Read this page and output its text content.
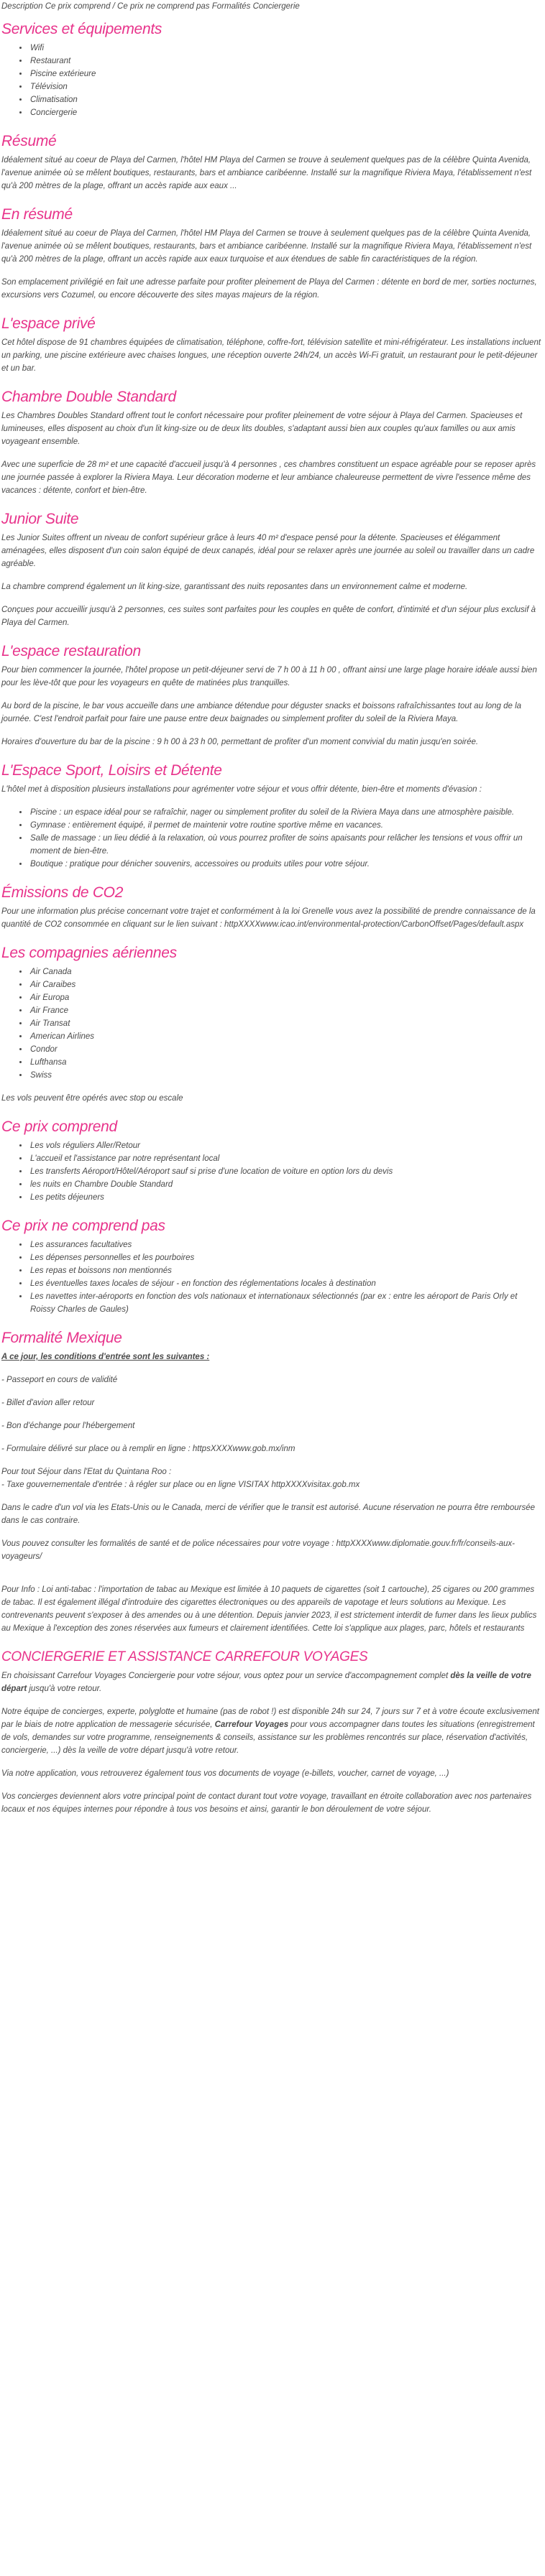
Description Ce prix comprend / Ce prix ne comprend pas Formalités Conciergerie

Services et équipements
• Wifi
• Restaurant
• Piscine extérieure
• Télévision
• Climatisation
• Conciergerie
Résumé

Idéalement situé au coeur de Playa del Carmen, l'hôtel HM Playa del Carmen se trouve à seulement quelques pas de la célèbre Quinta Avenida, l'avenue animée où se mêlent boutiques, restaurants, bars et ambiance caribéenne. Installé sur la magnifique Riviera Maya, l'établissement n'est qu'à 200 mètres de la plage, offrant un accès rapide aux eaux ...

En résumé

Idéalement situé au coeur de Playa del Carmen, l'hôtel HM Playa del Carmen se trouve à seulement quelques pas de la célèbre Quinta Avenida, l'avenue animée où se mêlent boutiques, restaurants, bars et ambiance caribéenne. Installé sur la magnifique Riviera Maya, l'établissement n'est qu'à 200 mètres de la plage, offrant un accès rapide aux eaux turquoise et aux étendues de sable fin caractéristiques de la région.

Son emplacement privilégié en fait une adresse parfaite pour profiter pleinement de Playa del Carmen : détente en bord de mer, sorties nocturnes, excursions vers Cozumel, ou encore découverte des sites mayas majeurs de la région.

L'espace privé

Cet hôtel dispose de 91 chambres équipées de climatisation, téléphone, coffre-fort, télévision satellite et mini-réfrigérateur. Les installations incluent un parking, une piscine extérieure avec chaises longues, une réception ouverte 24h/24, un accès Wi-Fi gratuit, un restaurant pour le petit-déjeuner et un bar.

Chambre Double Standard

Les Chambres Doubles Standard offrent tout le confort nécessaire pour profiter pleinement de votre séjour à Playa del Carmen. Spacieuses et lumineuses, elles disposent au choix d'un lit king-size ou de deux lits doubles, s'adaptant aussi bien aux couples qu'aux familles ou aux amis voyageant ensemble.

Avec une superficie de 28 m² et une capacité d'accueil jusqu'à 4 personnes , ces chambres constituent un espace agréable pour se reposer après une journée passée à explorer la Riviera Maya. Leur décoration moderne et leur ambiance chaleureuse permettent de vivre l'essence même des vacances : détente, confort et bien-être.

Junior Suite

Les Junior Suites offrent un niveau de confort supérieur grâce à leurs 40 m² d'espace pensé pour la détente. Spacieuses et élégamment aménagées, elles disposent d'un coin salon équipé de deux canapés, idéal pour se relaxer après une journée au soleil ou travailler dans un cadre agréable.

La chambre comprend également un lit king-size, garantissant des nuits reposantes dans un environnement calme et moderne.

Conçues pour accueillir jusqu'à 2 personnes, ces suites sont parfaites pour les couples en quête de confort, d'intimité et d'un séjour plus exclusif à Playa del Carmen.

L'espace restauration

Pour bien commencer la journée, l'hôtel propose un petit-déjeuner servi de 7 h 00 à 11 h 00 , offrant ainsi une large plage horaire idéale aussi bien pour les lève-tôt que pour les voyageurs en quête de matinées plus tranquilles.

Au bord de la piscine, le bar vous accueille dans une ambiance détendue pour déguster snacks et boissons rafraîchissantes tout au long de la journée. C'est l'endroit parfait pour faire une pause entre deux baignades ou simplement profiter du soleil de la Riviera Maya.

Horaires d'ouverture du bar de la piscine : 9 h 00 à 23 h 00, permettant de profiter d'un moment convivial du matin jusqu'en soirée.

L'Espace Sport, Loisirs et Détente

L'hôtel met à disposition plusieurs installations pour agrémenter votre séjour et vous offrir détente, bien-être et moments d'évasion :

• Piscine : un espace idéal pour se rafraîchir, nager ou simplement profiter du soleil de la Riviera Maya dans une atmosphère paisible.
• Gymnase : entièrement équipé, il permet de maintenir votre routine sportive même en vacances.
• Salle de massage : un lieu dédié à la relaxation, où vous pourrez profiter de soins apaisants pour relâcher les tensions et vous offrir un moment de bien-être.
• Boutique : pratique pour dénicher souvenirs, accessoires ou produits utiles pour votre séjour.
Émissions de CO2

Pour une information plus précise concernant votre trajet et conformément à la loi Grenelle vous avez la possibilité de prendre connaissance de la quantité de CO2 consommée en cliquant sur le lien suivant : httpXXXXwww.icao.int/environmental-protection/CarbonOffset/Pages/default.aspx

Les compagnies aériennes
• Air Canada
• Air Caraibes
• Air Europa
• Air France
• Air Transat
• American Airlines
• Condor
• Lufthansa
• Swiss

Les vols peuvent être opérés avec stop ou escale

Ce prix comprend
• Les vols réguliers Aller/Retour
• L'accueil et l'assistance par notre représentant local
• Les transferts Aéroport/Hôtel/Aéroport sauf si prise d'une location de voiture en option lors du devis
• les nuits en Chambre Double Standard
• Les petits déjeuners
Ce prix ne comprend pas
• Les assurances facultatives
• Les dépenses personnelles et les pourboires
• Les repas et boissons non mentionnés
• Les éventuelles taxes locales de séjour - en fonction des réglementations locales à destination
• Les navettes inter-aéroports en fonction des vols nationaux et internationaux sélectionnés (par ex : entre les aéroport de Paris Orly et Roissy Charles de Gaules)
Formalité Mexique

A ce jour, les conditions d'entrée sont les suivantes :

- Passeport en cours de validité

- Billet d'avion aller retour

- Bon d'échange pour l'hébergement

- Formulaire délivré sur place ou à remplir en ligne : httpsXXXXwww.gob.mx/inm

Pour tout Séjour dans l'Etat du Quintana Roo :

- Taxe gouvernementale d'entrée : à régler sur place ou en ligne VISITAX httpXXXXvisitax.gob.mx

Dans le cadre d'un vol via les Etats-Unis ou le Canada, merci de vérifier que le transit est autorisé. Aucune réservation ne pourra être remboursée dans le cas contraire.

Vous pouvez consulter les formalités de santé et de police nécessaires pour votre voyage : httpXXXXwww.diplomatie.gouv.fr/fr/conseils-aux-voyageurs/

Pour Info : Loi anti-tabac : l'importation de tabac au Mexique est limitée à 10 paquets de cigarettes (soit 1 cartouche), 25 cigares ou 200 grammes de tabac. Il est également illégal d'introduire des cigarettes électroniques ou des appareils de vapotage et leurs solutions au Mexique. Les contrevenants peuvent s'exposer à des amendes ou à une détention. Depuis janvier 2023, il est strictement interdit de fumer dans les lieux publics au Mexique à l'exception des zones réservées aux fumeurs et clairement identifiées. Cette loi s'applique aux plages, parc, hôtels et restaurants

CONCIERGERIE ET ASSISTANCE CARREFOUR VOYAGES

En choisissant Carrefour Voyages Conciergerie pour votre séjour, vous optez pour un service d'accompagnement complet dès la veille de votre départ jusqu'à votre retour.

Notre équipe de concierges, experte, polyglotte et humaine (pas de robot !) est disponible 24h sur 24, 7 jours sur 7 et à votre écoute exclusivement par le biais de notre application de messagerie sécurisée, Carrefour Voyages pour vous accompagner dans toutes les situations (enregistrement de vols, demandes sur votre programme, renseignements & conseils, assistance sur les problèmes rencontrés sur place, réservation d'activités, conciergerie, ...) dès la veille de votre départ jusqu'à votre retour.

Via notre application, vous retrouverez également tous vos documents de voyage (e-billets, voucher, carnet de voyage, ...)

Vos concierges deviennent alors votre principal point de contact durant tout votre voyage, travaillant en étroite collaboration avec nos partenaires locaux et nos équipes internes pour répondre à tous vos besoins et ainsi, garantir le bon déroulement de votre séjour.
